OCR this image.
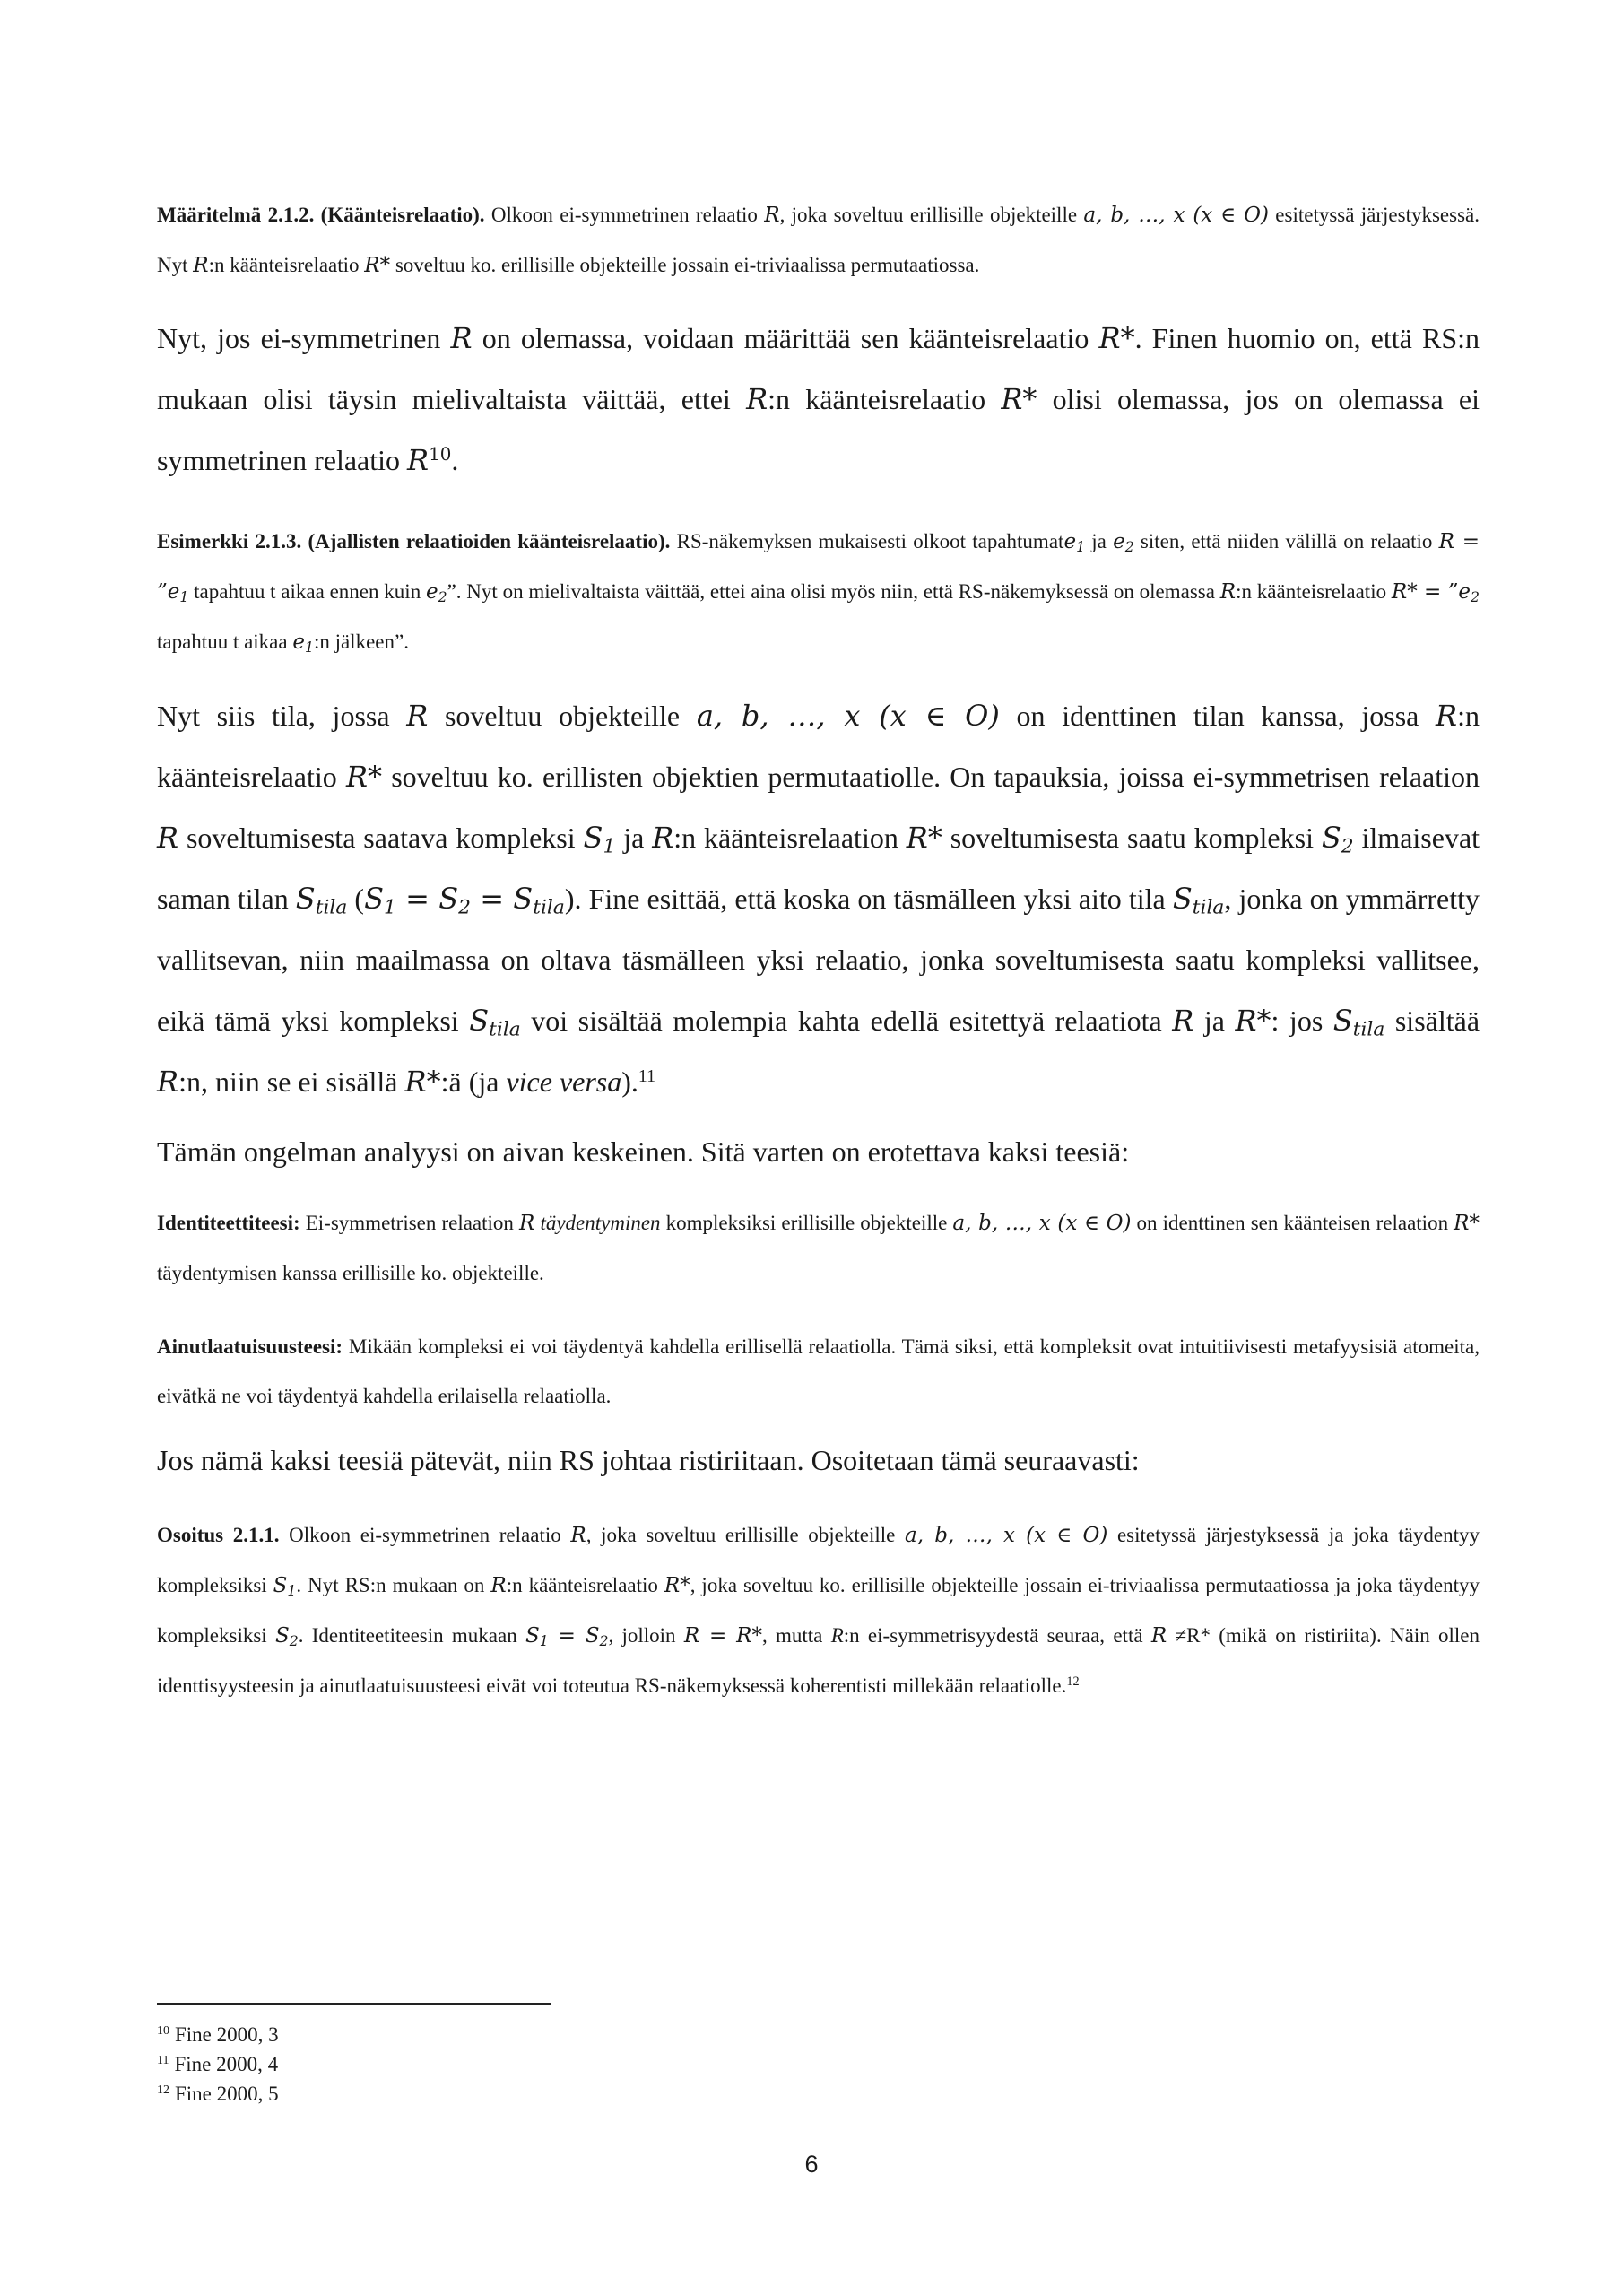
Määritelmä 2.1.2. (Käänteisrelaatio). Olkoon ei-symmetrinen relaatio R, joka soveltuu erillisille objekteille a, b, …, x (x ∈ O) esitetyssä järjestyksessä. Nyt R:n käänteisrelaatio R* soveltuu ko. erillisille objekteille jossain ei-triviaalissa permutaatiossa.

Nyt, jos ei-symmetrinen R on olemassa, voidaan määrittää sen käänteisrelaatio R*. Finen huomio on, että RS:n mukaan olisi täysin mielivaltaista väittää, ettei R:n käänteisrelaatio R* olisi olemassa, jos on olemassa ei symmetrinen relaatio $R^{10}$.

Esimerkki 2.1.3. (Ajallisten relaatioiden käänteisrelaatio). RS-näkemyksen mukaisesti olkoot tapahtumate$_1$ ja $e_2$ siten, että niiden välillä on relaatio $R = ”e_1$ tapahtuu t aikaa ennen kuin $e_2$”. Nyt on mielivaltaista väittää, ettei aina olisi myös niin, että RS-näkemyksessä on olemassa R:n käänteisrelaatio $R* = ”e_2$ tapahtuu t aikaa $e_1:n$ jälkeen”.

Nyt siis tila, jossa R soveltuu objekteille a, b, …, x (x ∈ O) on identtinen tilan kanssa, jossa R:n käänteisrelaatio R* soveltuu ko. erillisten objektien permutaatiolle. On tapauksia, joissa ei-symmetrisen relaation R soveltumisesta saatava kompleksi $S_1$ ja R:n käänteisrelaation R* soveltumisesta saatu kompleksi $S_2$ ilmaisevat saman tilan $S_{tila}$ $(S_1 = S_2 = S_{tila})$. Fine esittää, että koska on täsmälleen yksi aito tila $S_{tila}$, jonka on ymmärretty vallitsevan, niin maailmassa on oltava täsmälleen yksi relaatio, jonka soveltumisesta saatu kompleksi vallitsee, eikä tämä yksi kompleksi $S_{tila}$ voi sisältää molempia kahta edellä esitettyä relaatiota R ja R*: jos $S_{tila}$ sisältää R:n, niin se ei sisällä R*:ä (ja vice versa).$^{11}$

Tämän ongelman analyysi on aivan keskeinen. Sitä varten on erotettava kaksi teesiä:

Identiteettiteesi: Ei-symmetrisen relaation R täydentyminen kompleksiksi erillisille objekteille a, b, …, x (x ∈ O) on identtinen sen käänteisen relaation R* täydentymisen kanssa erillisille ko. objekteille.

Ainutlaatuisuusteesi: Mikään kompleksi ei voi täydentyä kahdella erillisellä relaatiolla. Tämä siksi, että kompleksit ovat intuitiivisesti metafyysisiä atomeita, eivätkä ne voi täydentyä kahdella erilaisella relaatiolla.

Jos nämä kaksi teesiä pätevät, niin RS johtaa ristiriitaan. Osoitetaan tämä seuraavasti:

Osoitus 2.1.1. Olkoon ei-symmetrinen relaatio R, joka soveltuu erillisille objekteille a, b, …, x (x ∈ O) esitetyssä järjestyksessä ja joka täydentyy kompleksiksi $S_1$. Nyt RS:n mukaan on R:n käänteisrelaatio R*, joka soveltuu ko. erillisille objekteille jossain ei-triviaalissa permutaatiossa ja joka täydentyy kompleksiksi $S_2$. Identiteetiteesin mukaan $S_1 = S_2$, jolloin R = R*, mutta R:n ei-symmetrisyydestä seuraa, että R ≠R* (mikä on ristiriita). Näin ollen identtisyysteesin ja ainutlaatuisuusteesi eivät voi toteutua RS-näkemyksessä koherentisti millekään relaatiolle.$^{12}$

$^{10}$ Fine 2000, 3
$^{11}$ Fine 2000, 4
$^{12}$ Fine 2000, 5
6
